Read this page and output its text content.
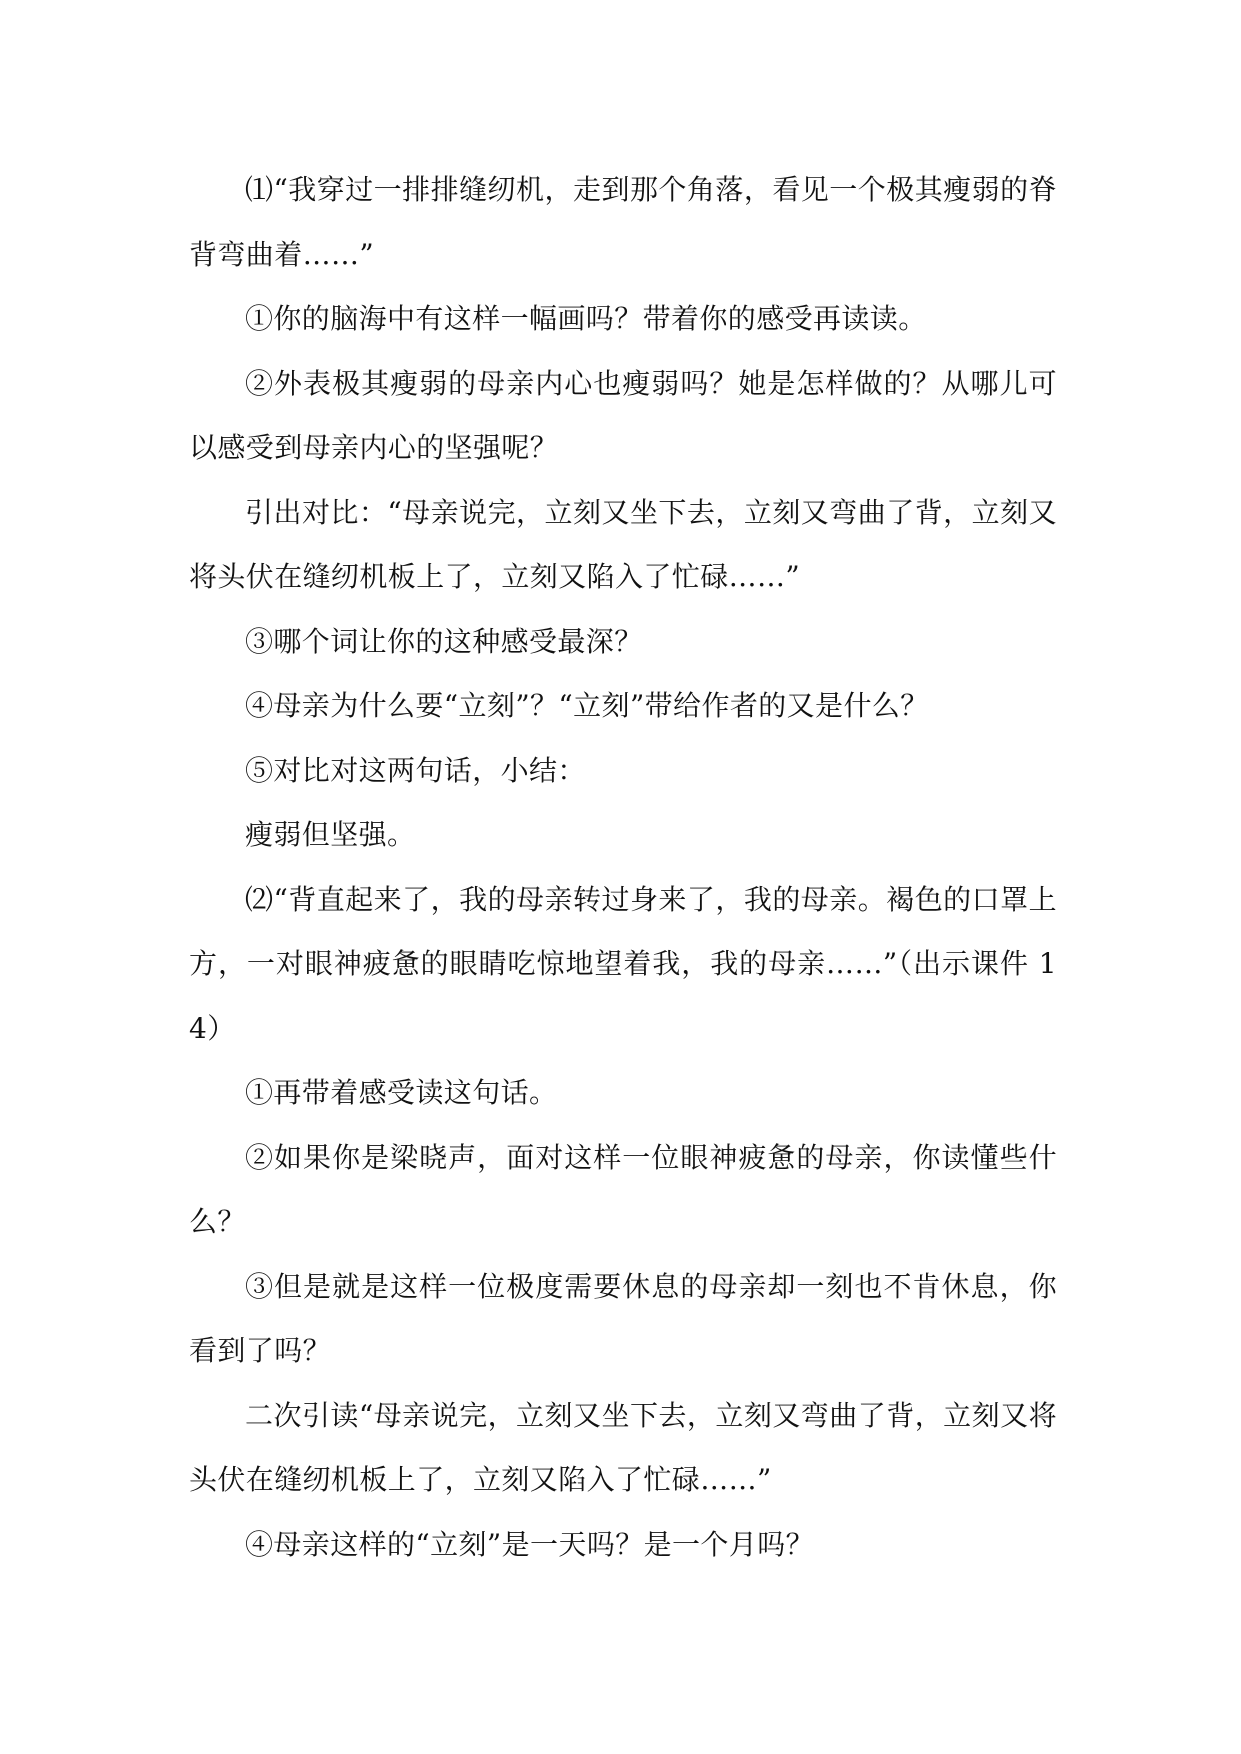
⑴“我穿过一排排缝纫机，走到那个角落，看见一个极其瘦弱的脊背弯曲着……”

①你的脑海中有这样一幅画吗？带着你的感受再读读。

②外表极其瘦弱的母亲内心也瘦弱吗？她是怎样做的？从哪儿可以感受到母亲内心的坚强呢？

引出对比：“母亲说完，立刻又坐下去，立刻又弯曲了背，立刻又将头伏在缝纫机板上了，立刻又陷入了忙碌……”

③哪个词让你的这种感受最深？

④母亲为什么要“立刻”？“立刻”带给作者的又是什么？

⑤对比对这两句话，小结：

瘦弱但坚强。

⑵“背直起来了，我的母亲转过身来了，我的母亲。褐色的口罩上方，一对眼神疲惫的眼睛吃惊地望着我，我的母亲……”（出示课件 14）

①再带着感受读这句话。

②如果你是梁晓声，面对这样一位眼神疲惫的母亲，你读懂些什么？

③但是就是这样一位极度需要休息的母亲却一刻也不肯休息，你看到了吗？

二次引读“母亲说完，立刻又坐下去，立刻又弯曲了背，立刻又将头伏在缝纫机板上了，立刻又陷入了忙碌……”

④母亲这样的“立刻”是一天吗？是一个月吗？
